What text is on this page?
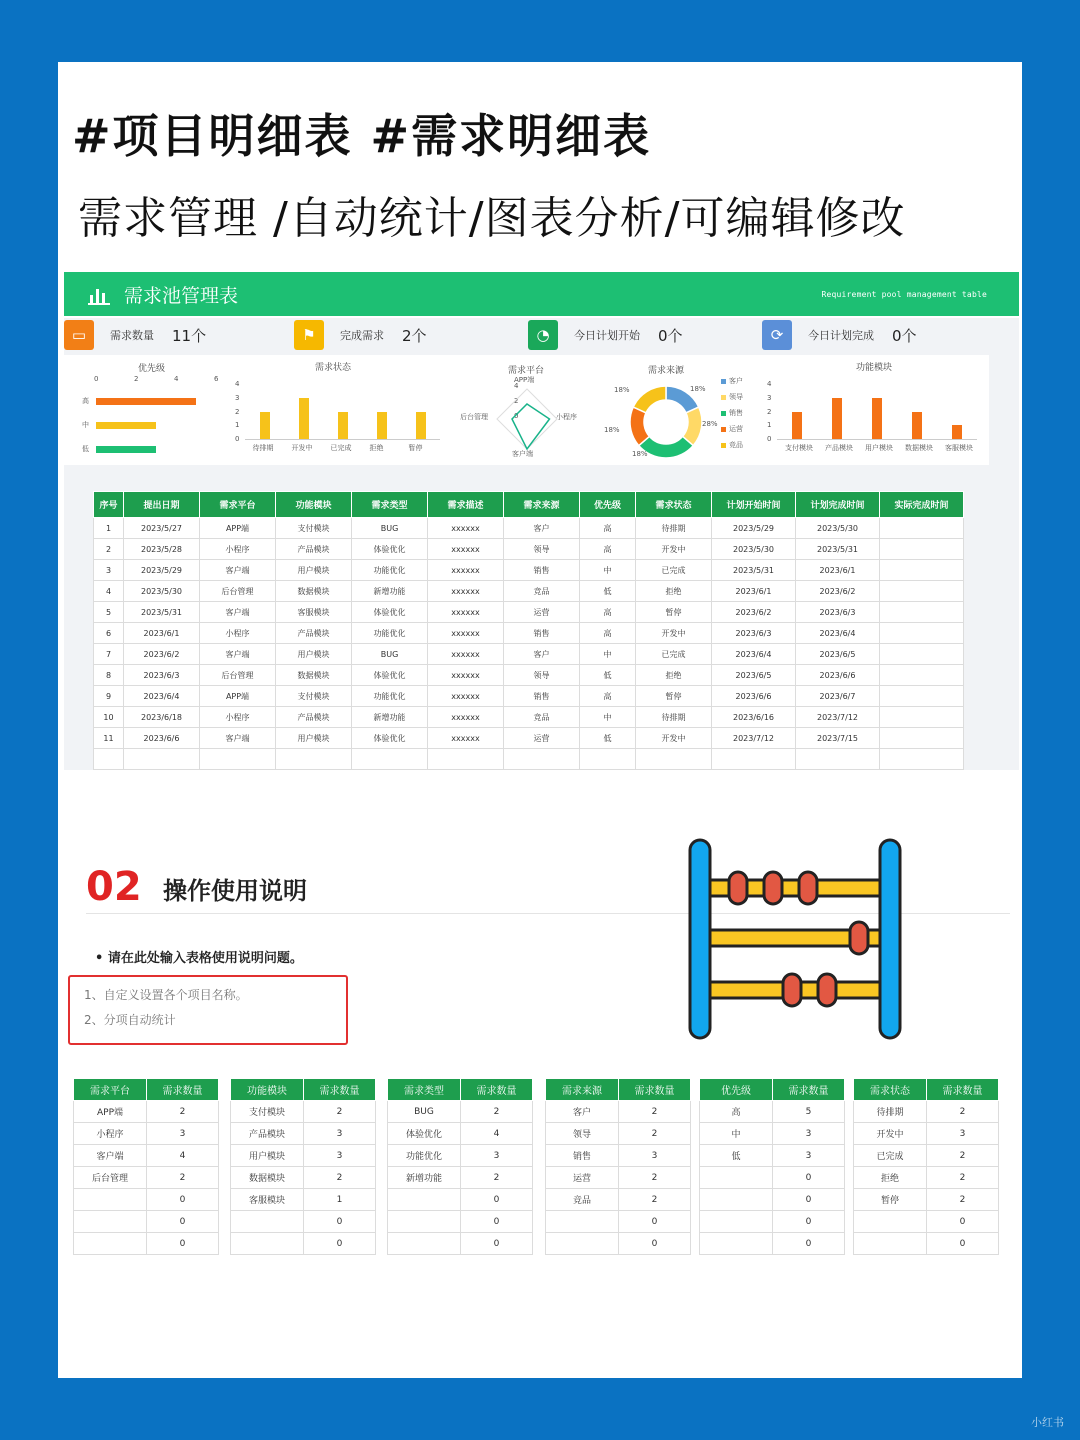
#项目明细表 #需求明细表
需求管理 /自动统计/图表分析/可编辑修改
需求池管理表	Requirement pool management table
▭	需求数量 11个	⚑	完成需求 2个	◔	今日计划开始 0个	⟳	今日计划完成 0个
优先级
0	2	4	6
高
中
低
需求状态
0
1
2
3
4
待排期	开发中	已完成	拒绝	暂停
功能模块
0
1
2
3
4
支付模块 产品模块 用户模块 数据模块 客服模块
需求平台
APP端
小程序
客户端
后台管理
4
2
0
需求来源
18%	18%
28%
18%
18%
客户
领导
销售
运营
竞品
序号	提出日期	需求平台	功能模块	需求类型	需求描述	需求来源	优先级	需求状态	计划开始时间	计划完成时间	实际完成时间
1	2023/5/27	APP端	支付模块	BUG	xxxxxx	客户	高	待排期	2023/5/29	2023/5/30	
2	2023/5/28	小程序	产品模块	体验优化	xxxxxx	领导	高	开发中	2023/5/30	2023/5/31	
3	2023/5/29	客户端	用户模块	功能优化	xxxxxx	销售	中	已完成	2023/5/31	2023/6/1	
4	2023/5/30	后台管理	数据模块	新增功能	xxxxxx	竞品	低	拒绝	2023/6/1	2023/6/2	
5	2023/5/31	客户端	客服模块	体验优化	xxxxxx	运营	高	暂停	2023/6/2	2023/6/3	
6	2023/6/1	小程序	产品模块	功能优化	xxxxxx	销售	高	开发中	2023/6/3	2023/6/4	
7	2023/6/2	客户端	用户模块	BUG	xxxxxx	客户	中	已完成	2023/6/4	2023/6/5	
8	2023/6/3	后台管理	数据模块	体验优化	xxxxxx	领导	低	拒绝	2023/6/5	2023/6/6	
9	2023/6/4	APP端	支付模块	功能优化	xxxxxx	销售	高	暂停	2023/6/6	2023/6/7	
10	2023/6/18	小程序	产品模块	新增功能	xxxxxx	竞品	中	待排期	2023/6/16	2023/7/12	
11	2023/6/6	客户端	用户模块	体验优化	xxxxxx	运营	低	开发中	2023/7/12	2023/7/15	

02 操作使用说明
• 请在此处输入表格使用说明问题。
1、自定义设置各个项目名称。
2、分项自动统计
需求平台	需求数量
APP端	2
小程序	3
客户端	4
后台管理	2
	0
	0
	0
功能模块	需求数量
支付模块	2
产品模块	3
用户模块	3
数据模块	2
客服模块	1
	0
	0
需求类型	需求数量
BUG	2
体验优化	4
功能优化	3
新增功能	2
	0
	0
	0
需求来源	需求数量
客户	2
领导	2
销售	3
运营	2
竞品	2
	0
	0
优先级	需求数量
高	5
中	3
低	3
	0
	0
	0
	0
需求状态	需求数量
待排期	2
开发中	3
已完成	2
拒绝	2
暂停	2
	0
	0
小红书
